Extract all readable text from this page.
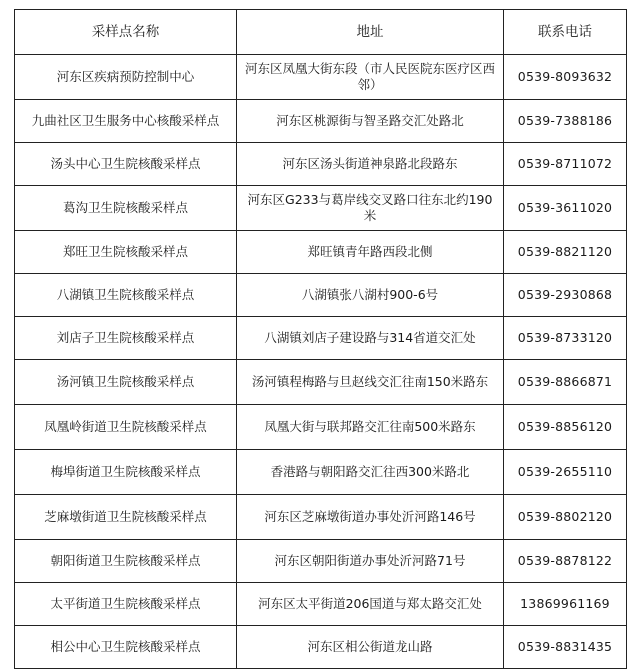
采样点名称	地址	联系电话
河东区疾病预防控制中心	河东区凤凰大街东段（市人民医院东医疗区西邻）	0539-8093632
九曲社区卫生服务中心核酸采样点	河东区桃源街与智圣路交汇处路北	0539-7388186
汤头中心卫生院核酸采样点	河东区汤头街道神泉路北段路东	0539-8711072
葛沟卫生院核酸采样点	河东区G233与葛岸线交叉路口往东北约190米	0539-3611020
郑旺卫生院核酸采样点	郑旺镇青年路西段北侧	0539-8821120
八湖镇卫生院核酸采样点	八湖镇张八湖村900-6号	0539-2930868
刘店子卫生院核酸采样点	八湖镇刘店子建设路与314省道交汇处	0539-8733120
汤河镇卫生院核酸采样点	汤河镇程梅路与旦赵线交汇往南150米路东	0539-8866871
凤凰岭街道卫生院核酸采样点	凤凰大街与联邦路交汇往南500米路东	0539-8856120
梅埠街道卫生院核酸采样点	香港路与朝阳路交汇往西300米路北	0539-2655110
芝麻墩街道卫生院核酸采样点	河东区芝麻墩街道办事处沂河路146号	0539-8802120
朝阳街道卫生院核酸采样点	河东区朝阳街道办事处沂河路71号	0539-8878122
太平街道卫生院核酸采样点	河东区太平街道206国道与郑太路交汇处	13869961169
相公中心卫生院核酸采样点	河东区相公街道龙山路	0539-8831435
